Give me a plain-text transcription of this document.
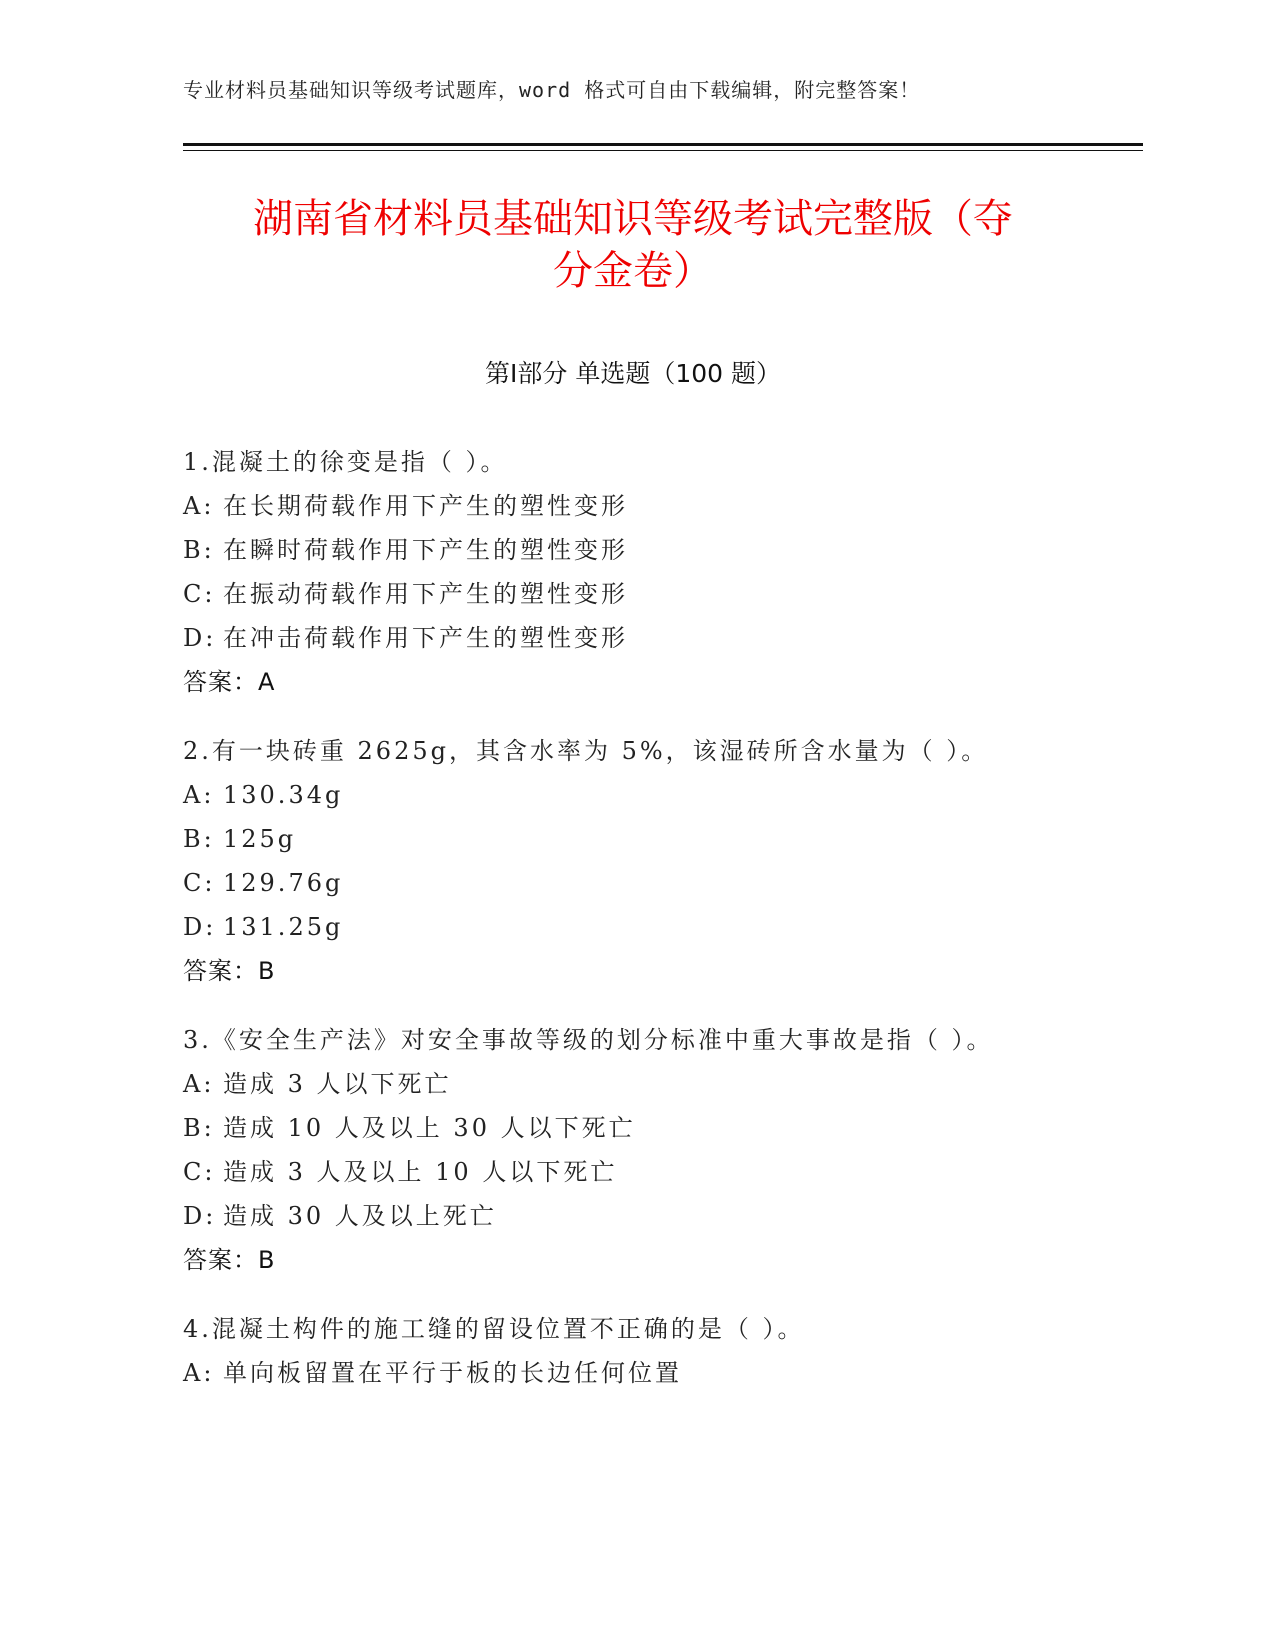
专业材料员基础知识等级考试题库，word 格式可自由下载编辑，附完整答案！
湖南省材料员基础知识等级考试完整版（夺
分金卷）
第Ⅰ部分 单选题（100 题）
1.混凝土的徐变是指（ ）。
A: 在长期荷载作用下产生的塑性变形
B: 在瞬时荷载作用下产生的塑性变形
C: 在振动荷载作用下产生的塑性变形
D: 在冲击荷载作用下产生的塑性变形
答案：A
2.有一块砖重 2625g，其含水率为 5%，该湿砖所含水量为（ ）。
A: 130.34g
B: 125g
C: 129.76g
D: 131.25g
答案：B
3.《安全生产法》对安全事故等级的划分标准中重大事故是指（ ）。
A: 造成 3 人以下死亡
B: 造成 10 人及以上 30 人以下死亡
C: 造成 3 人及以上 10 人以下死亡
D: 造成 30 人及以上死亡
答案：B
4.混凝土构件的施工缝的留设位置不正确的是（ ）。
A: 单向板留置在平行于板的长边任何位置
